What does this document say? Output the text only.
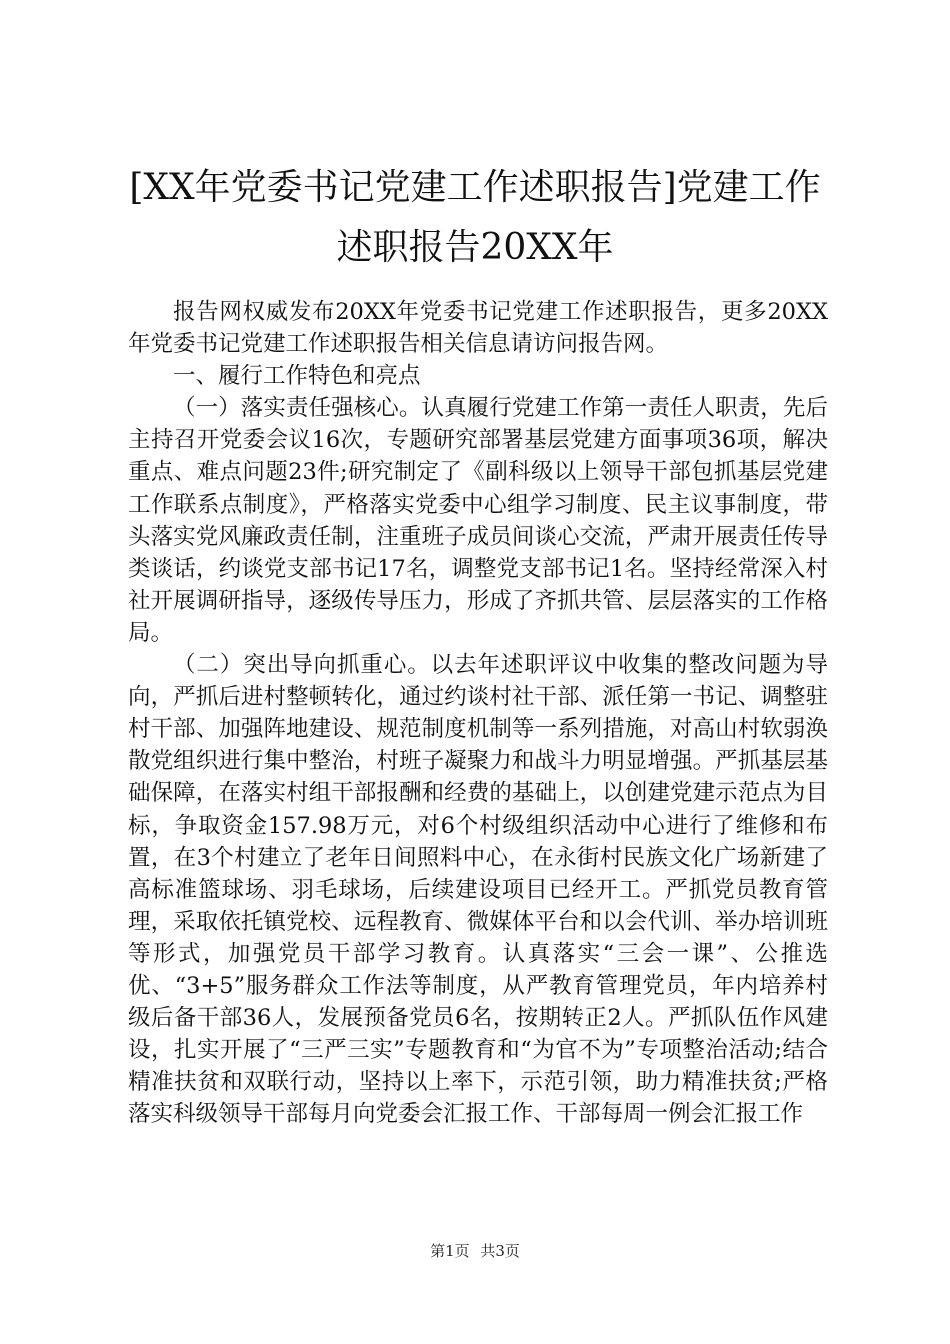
[XX年党委书记党建工作述职报告]党建工作
述职报告20XX年

报告网权威发布20XX年党委书记党建工作述职报告，更多20XX年党委书记党建工作述职报告相关信息请访问报告网。

一、履行工作特色和亮点

（一）落实责任强核心。认真履行党建工作第一责任人职责，先后主持召开党委会议16次，专题研究部署基层党建方面事项36项，解决重点、难点问题23件;研究制定了《副科级以上领导干部包抓基层党建工作联系点制度》，严格落实党委中心组学习制度、民主议事制度，带头落实党风廉政责任制，注重班子成员间谈心交流，严肃开展责任传导类谈话，约谈党支部书记17名，调整党支部书记1名。坚持经常深入村社开展调研指导，逐级传导压力，形成了齐抓共管、层层落实的工作格局。

（二）突出导向抓重心。以去年述职评议中收集的整改问题为导向，严抓后进村整顿转化，通过约谈村社干部、派任第一书记、调整驻村干部、加强阵地建设、规范制度机制等一系列措施，对高山村软弱涣散党组织进行集中整治，村班子凝聚力和战斗力明显增强。严抓基层基础保障，在落实村组干部报酬和经费的基础上，以创建党建示范点为目标，争取资金157.98万元，对6个村级组织活动中心进行了维修和布置，在3个村建立了老年日间照料中心，在永街村民族文化广场新建了高标准篮球场、羽毛球场，后续建设项目已经开工。严抓党员教育管理，采取依托镇党校、远程教育、微媒体平台和以会代训、举办培训班等形式，加强党员干部学习教育。认真落实“三会一课”、公推选优、“3+5”服务群众工作法等制度，从严教育管理党员，年内培养村级后备干部36人，发展预备党员6名，按期转正2人。严抓队伍作风建设，扎实开展了“三严三实”专题教育和“为官不为”专项整治活动;结合精准扶贫和双联行动，坚持以上率下，示范引领，助力精准扶贫;严格落实科级领导干部每月向党委会汇报工作、干部每周一例会汇报工作

第1页 共3页
